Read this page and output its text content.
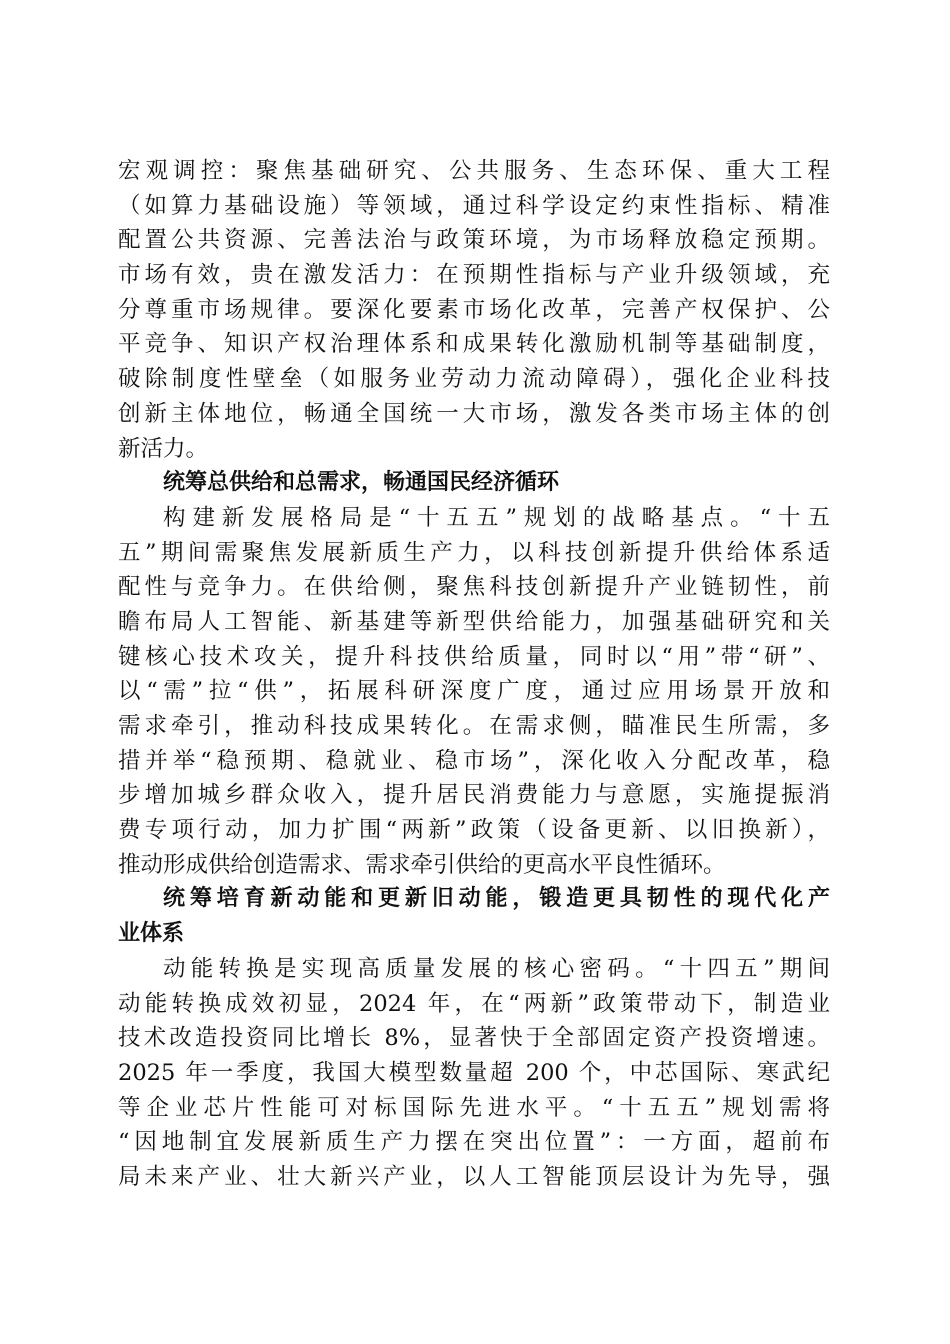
宏观调控：聚焦基础研究、公共服务、生态环保、重大工程
（如算力基础设施）等领域，通过科学设定约束性指标、精准
配置公共资源、完善法治与政策环境，为市场释放稳定预期。
市场有效，贵在激发活力：在预期性指标与产业升级领域，充
分尊重市场规律。要深化要素市场化改革，完善产权保护、公
平竞争、知识产权治理体系和成果转化激励机制等基础制度，
破除制度性壁垒（如服务业劳动力流动障碍），强化企业科技
创新主体地位，畅通全国统一大市场，激发各类市场主体的创
新活力。
统筹总供给和总需求，畅通国民经济循环
构建新发展格局是“十五五”规划的战略基点。“十五
五”期间需聚焦发展新质生产力，以科技创新提升供给体系适
配性与竞争力。在供给侧，聚焦科技创新提升产业链韧性，前
瞻布局人工智能、新基建等新型供给能力，加强基础研究和关
键核心技术攻关，提升科技供给质量，同时以“用”带“研”、
以“需”拉“供”，拓展科研深度广度，通过应用场景开放和
需求牵引，推动科技成果转化。在需求侧，瞄准民生所需，多
措并举“稳预期、稳就业、稳市场”，深化收入分配改革，稳
步增加城乡群众收入，提升居民消费能力与意愿，实施提振消
费专项行动，加力扩围“两新”政策（设备更新、以旧换新），
推动形成供给创造需求、需求牵引供给的更高水平良性循环。
统筹培育新动能和更新旧动能，锻造更具韧性的现代化产
业体系
动能转换是实现高质量发展的核心密码。“十四五”期间
动能转换成效初显，2024 年，在“两新”政策带动下，制造业
技术改造投资同比增长 8%，显著快于全部固定资产投资增速。
2025 年一季度，我国大模型数量超 200 个，中芯国际、寒武纪
等企业芯片性能可对标国际先进水平。“十五五”规划需将
“因地制宜发展新质生产力摆在突出位置”：一方面，超前布
局未来产业、壮大新兴产业，以人工智能顶层设计为先导，强
